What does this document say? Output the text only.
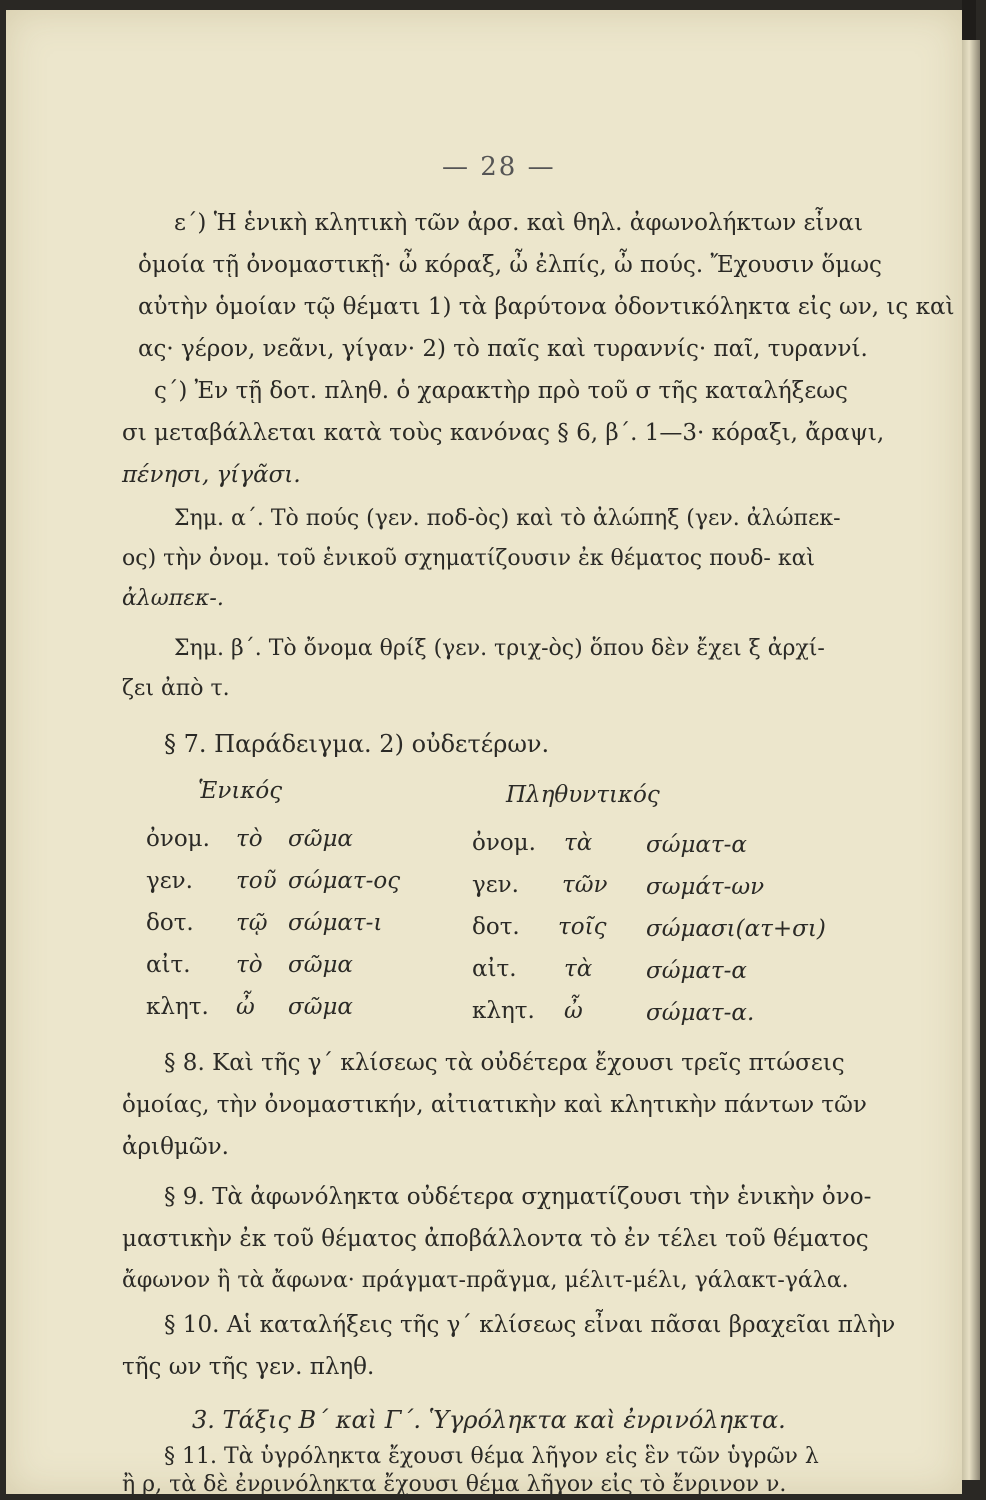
— 28 —
ε΄) Ἡ ἑνικὴ κλητικὴ τῶν ἀρσ. καὶ θηλ. ἀφωνολήκτων εἶναι
ὁμοία τῇ ὀνομαστικῇ· ὦ κόραξ, ὦ ἐλπίς, ὦ πούς. Ἔχουσιν ὅμως
αὐτὴν ὁμοίαν τῷ θέματι 1) τὰ βαρύτονα ὀδοντικόληκτα εἰς ων, ις καὶ
ας· γέρον, νεᾶνι, γίγαν· 2) τὸ παῖς καὶ τυραννίς· παῖ, τυραννί.
ς΄) Ἐν τῇ δοτ. πληθ. ὁ χαρακτὴρ πρὸ τοῦ σ τῆς καταλήξεως
σι μεταβάλλεται κατὰ τοὺς κανόνας § 6, β΄. 1—3· κόραξι, ἄραψι,
πένησι, γίγᾶσι.
Σημ. α΄. Τὸ πούς (γεν. ποδ-ὸς) καὶ τὸ ἀλώπηξ (γεν. ἀλώπεκ-
ος) τὴν ὀνομ. τοῦ ἑνικοῦ σχηματίζουσιν ἐκ θέματος πουδ- καὶ
ἀλωπεκ-.
Σημ. β΄. Τὸ ὄνομα θρίξ (γεν. τριχ-ὸς) ὅπου δὲν ἔχει ξ ἀρχί-
ζει ἀπὸ τ.
§ 7. Παράδειγμα. 2) οὐδετέρων.
Ἑνικός	Πληθυντικός
ὀνομ. τὸ σῶμα	ὀνομ. τὰ σώματ-α
γεν. τοῦ σώματ-ος	γεν. τῶν σωμάτ-ων
δοτ. τῷ σώματ-ι	δοτ. τοῖς σώμασι(ατ+σι)
αἰτ. τὸ σῶμα	αἰτ. τὰ σώματ-α
κλητ. ὦ σῶμα	κλητ. ὦ	σώματ-α.
§ 8. Καὶ τῆς γ΄ κλίσεως τὰ οὐδέτερα ἔχουσι τρεῖς πτώσεις
ὁμοίας, τὴν ὀνομαστικήν, αἰτιατικὴν καὶ κλητικὴν πάντων τῶν
ἀριθμῶν.
§ 9. Τὰ ἀφωνόληκτα οὐδέτερα σχηματίζουσι τὴν ἑνικὴν ὀνο-
μαστικὴν ἐκ τοῦ θέματος ἀποβάλλοντα τὸ ἐν τέλει τοῦ θέματος
ἄφωνον ἢ τὰ ἄφωνα· πράγματ-πρᾶγμα, μέλιτ-μέλι, γάλακτ-γάλα.
§ 10. Αἱ καταλήξεις τῆς γ΄ κλίσεως εἶναι πᾶσαι βραχεῖαι πλὴν
τῆς ων τῆς γεν. πληθ.
3. Τάξις Β΄ καὶ Γ΄. Ὑγρόληκτα καὶ ἐνρινόληκτα.
§ 11. Τὰ ὑγρόληκτα ἔχουσι θέμα λῆγον εἰς ἓν τῶν ὑγρῶν λ
ἢ ρ, τὰ δὲ ἐνρινόληκτα ἔχουσι θέμα λῆγον εἰς τὸ ἔνρινον ν.
